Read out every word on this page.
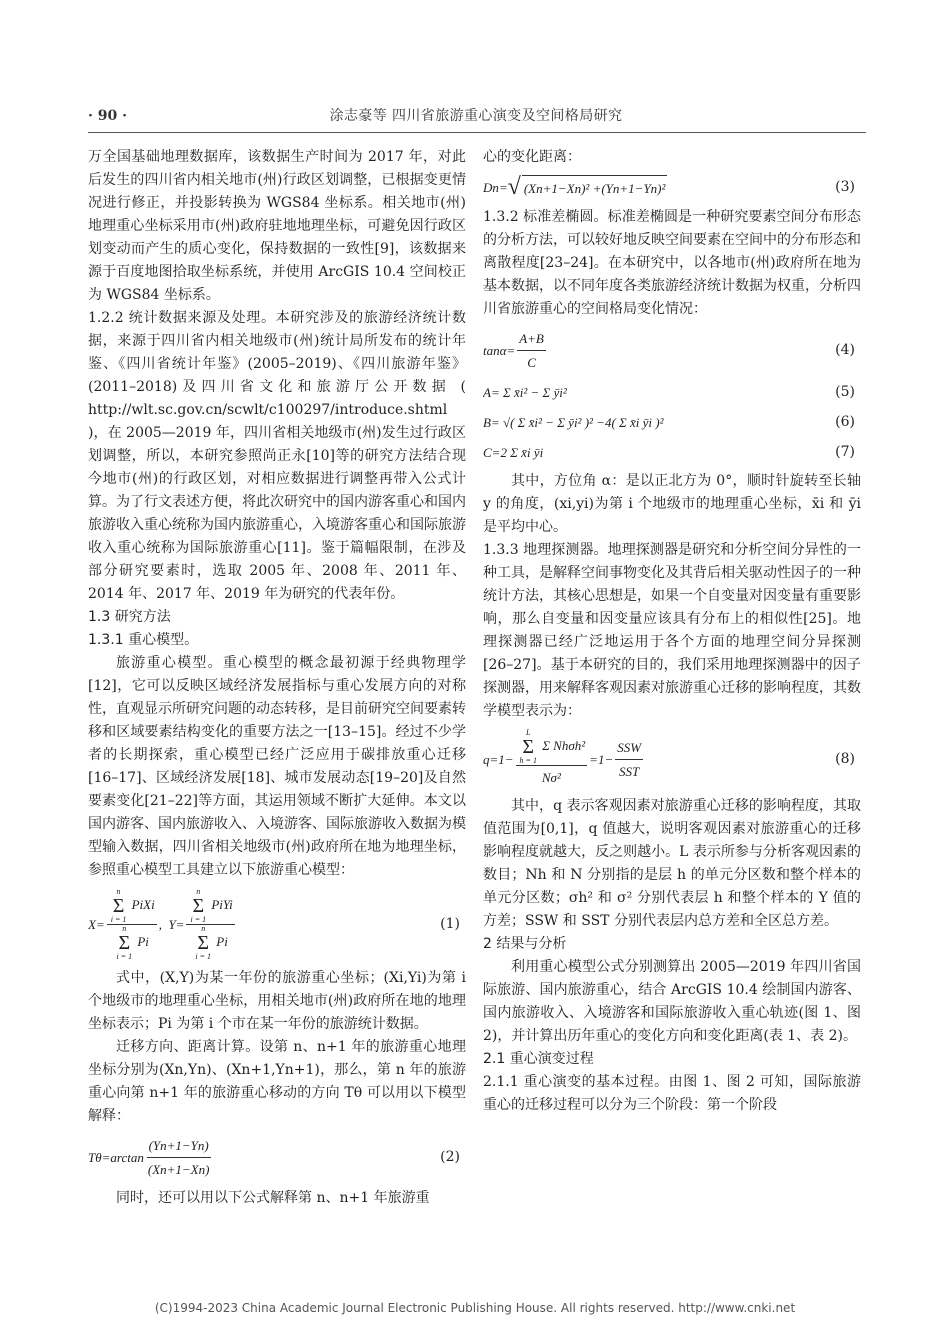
· 90 ·	涂志豪等 四川省旅游重心演变及空间格局研究

万全国基础地理数据库，该数据生产时间为 2017 年，对此后发生的四川省内相关地市(州)行政区划调整，已根据变更情况进行修正，并投影转换为 WGS84 坐标系。相关地市(州)地理重心坐标采用市(州)政府驻地地理坐标，可避免因行政区划变动而产生的质心变化，保持数据的一致性[9]，该数据来源于百度地图拾取坐标系统，并使用 ArcGIS 10.4 空间校正为 WGS84 坐标系。

1.2.2 统计数据来源及处理。本研究涉及的旅游经济统计数据，来源于四川省内相关地级市(州)统计局所发布的统计年鉴、《四川省统计年鉴》(2005–2019)、《四川旅游年鉴》(2011–2018)及四川省文化和旅游厅公开数据 ( http://wlt.sc.gov.cn/scwlt/c100297/introduce.shtml )，在 2005—2019 年，四川省相关地级市(州)发生过行政区划调整，所以，本研究参照尚正永[10]等的研究方法结合现今地市(州)的行政区划，对相应数据进行调整再带入公式计算。为了行文表述方便，将此次研究中的国内游客重心和国内旅游收入重心统称为国内旅游重心，入境游客重心和国际旅游收入重心统称为国际旅游重心[11]。鉴于篇幅限制，在涉及部分研究要素时，选取 2005 年、2008 年、2011 年、2014 年、2017 年、2019 年为研究的代表年份。

1.3 研究方法

1.3.1 重心模型。

旅游重心模型。重心模型的概念最初源于经典物理学[12]，它可以反映区域经济发展指标与重心发展方向的对称性，直观显示所研究问题的动态转移，是目前研究空间要素转移和区域要素结构变化的重要方法之一[13–15]。经过不少学者的长期探索，重心模型已经广泛应用于碳排放重心迁移[16–17]、区域经济发展[18]、城市发展动态[19–20]及自然要素变化[21–22]等方面，其运用领域不断扩大延伸。本文以国内游客、国内旅游收入、入境游客、国际旅游收入数据为模型输入数据，四川省相关地级市(州)政府所在地为地理坐标，参照重心模型工具建立以下旅游重心模型：

X=
n
Σ
i = 1
PiXi
n
Σ
i = 1
Pi
, Y=
n
Σ
i = 1
PiYi
n
Σ
i = 1
Pi
(1)

式中，(X,Y)为某一年份的旅游重心坐标；(Xi,Yi)为第 i 个地级市的地理重心坐标，用相关地市(州)政府所在地的地理坐标表示；Pi 为第 i 个市在某一年份的旅游统计数据。

迁移方向、距离计算。设第 n、n+1 年的旅游重心地理坐标分别为(Xn,Yn)、(Xn+1,Yn+1)，那么，第 n 年的旅游重心向第 n+1 年的旅游重心移动的方向 Tθ 可以用以下模型解释：

$T\theta=\arctan \frac{(Yn+1-Yn)}{(Xn+1-Xn)}$	(2)

同时，还可以用以下公式解释第 n、n+1 年旅游重

心的变化距离：

Dn= √ (Xn+1−Xn)² +(Yn+1−Yn)²	(3)

1.3.2 标准差椭圆。标准差椭圆是一种研究要素空间分布形态的分析方法，可以较好地反映空间要素在空间中的分布形态和离散程度[23–24]。在本研究中，以各地市(州)政府所在地为基本数据，以不同年度各类旅游经济统计数据为权重，分析四川省旅游重心的空间格局变化情况：

$\tan\alpha= \frac{A+B}{C}$	(4)
A= Σ x̄i² − Σ ȳi²	(5)
B= √( Σ x̄i² − Σ ȳi² )² −4( Σ x̄i ȳi )²	(6)
C=2 Σ x̄i ȳi	(7)

其中，方位角 α：是以正北方为 0°，顺时针旋转至长轴 y 的角度，(xi,yi)为第 i 个地级市的地理重心坐标，x̄i 和 ȳi 是平均中心。

1.3.3 地理探测器。地理探测器是研究和分析空间分异性的一种工具，是解释空间事物变化及其背后相关驱动性因子的一种统计方法，其核心思想是，如果一个自变量对因变量有重要影响，那么自变量和因变量应该具有分布上的相似性[25]。地理探测器已经广泛地运用于各个方面的地理空间分异探测[26–27]。基于本研究的目的，我们采用地理探测器中的因子探测器，用来解释客观因素对旅游重心迁移的影响程度，其数学模型表示为：

q=1−
L
Σ
h = 1
Σ Nhσh²
Nσ²
$=1- \frac{\text{SSW}}{\text{SST}}$	(8)

其中，q 表示客观因素对旅游重心迁移的影响程度，其取值范围为[0,1]，q 值越大，说明客观因素对旅游重心的迁移影响程度就越大，反之则越小。L 表示所参与分析客观因素的数目；Nh 和 N 分别指的是层 h 的单元分区数和整个样本的单元分区数；σh² 和 σ² 分别代表层 h 和整个样本的 Y 值的方差；SSW 和 SST 分别代表层内总方差和全区总方差。

2 结果与分析

利用重心模型公式分别测算出 2005—2019 年四川省国际旅游、国内旅游重心，结合 ArcGIS 10.4 绘制国内游客、国内旅游收入、入境游客和国际旅游收入重心轨迹(图 1、图 2)，并计算出历年重心的变化方向和变化距离(表 1、表 2)。

2.1 重心演变过程

2.1.1 重心演变的基本过程。由图 1、图 2 可知，国际旅游重心的迁移过程可以分为三个阶段：第一个阶段

(C)1994-2023 China Academic Journal Electronic Publishing House. All rights reserved. http://www.cnki.net
